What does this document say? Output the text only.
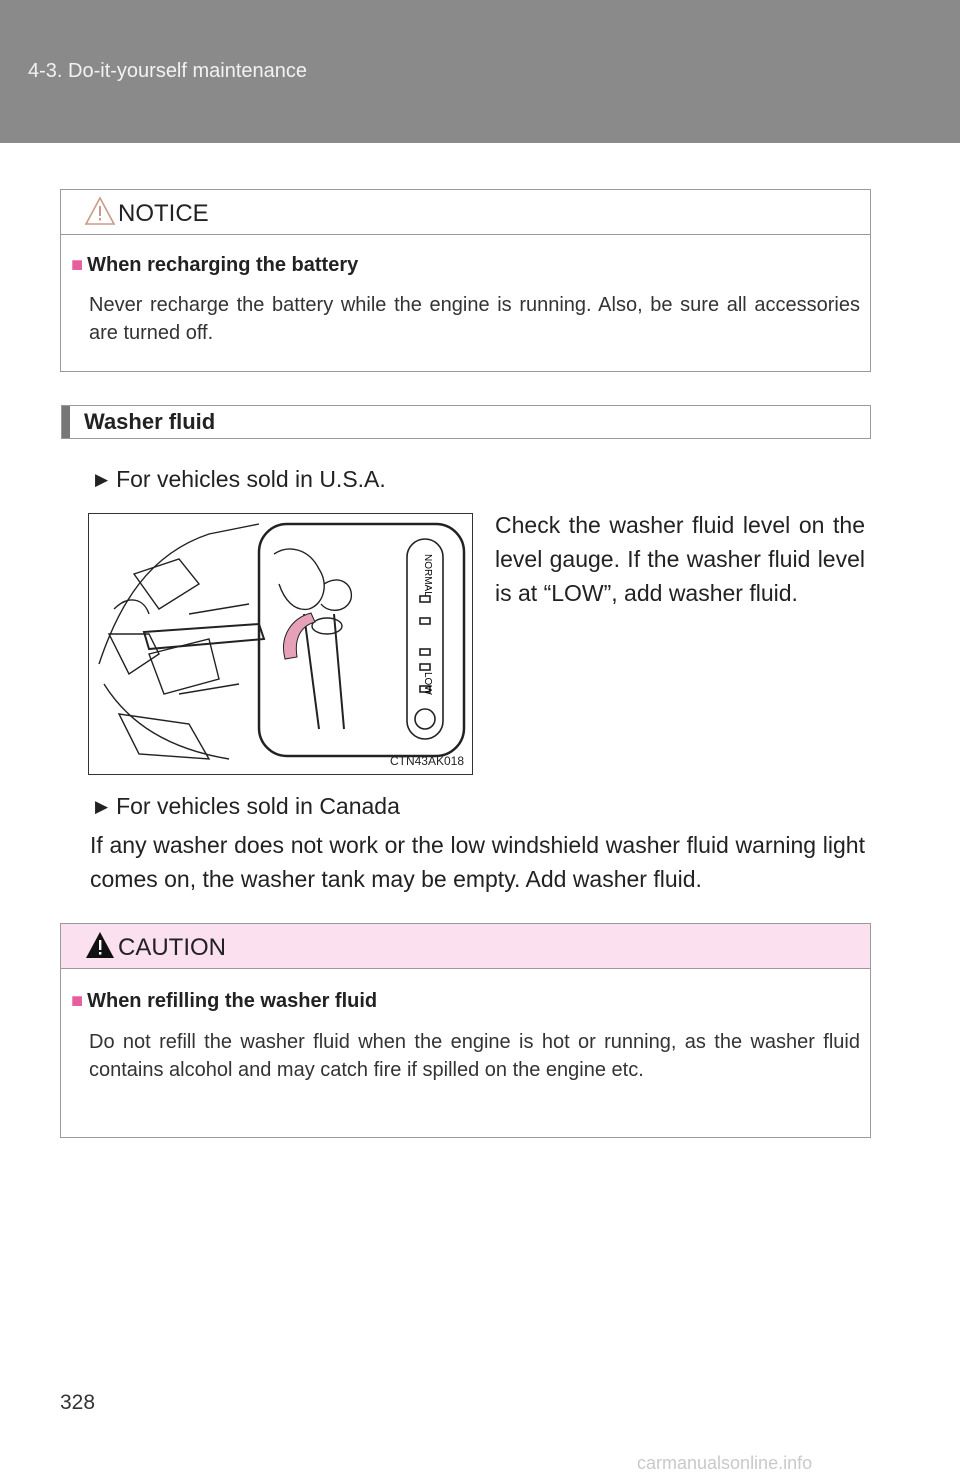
4-3. Do-it-yourself maintenance
NOTICE
■ When recharging the battery
Never recharge the battery while the engine is running. Also, be sure all accessories are turned off.
Washer fluid
▶ For vehicles sold in U.S.A.
NORMAL
LOW
CTN43AK018
Check the washer fluid level on the level gauge. If the washer fluid level is at “LOW”, add washer fluid.
▶ For vehicles sold in Canada
If any washer does not work or the low windshield washer fluid warning light comes on, the washer tank may be empty. Add washer fluid.
CAUTION
■ When refilling the washer fluid
Do not refill the washer fluid when the engine is hot or running, as the washer fluid contains alcohol and may catch fire if spilled on the engine etc.
328
carmanualsonline.info
